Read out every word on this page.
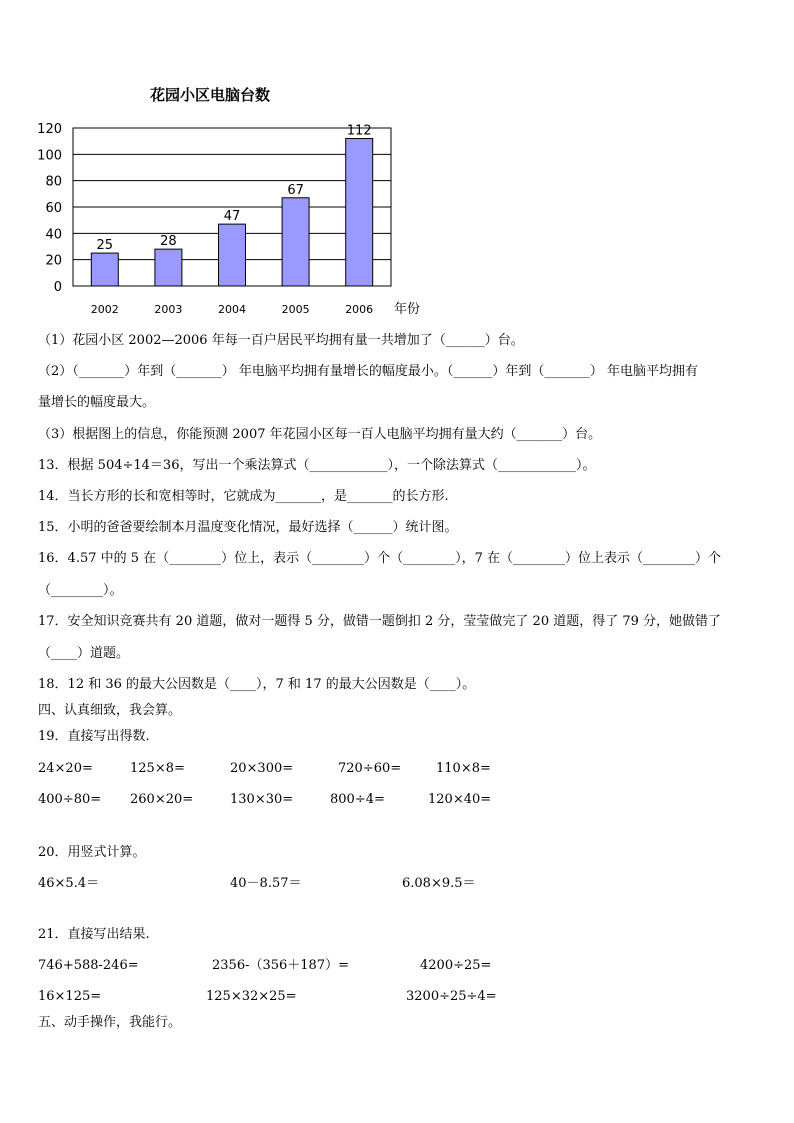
花园小区电脑台数
0
20
40
60
80
100
120
25
2002
28
2003
47
2004
67
2005
112
2006 年份
（1）花园小区 2002—2006 年每一百户居民平均拥有量一共增加了（______）台。
（2）（_______）年到（_______） 年电脑平均拥有量增长的幅度最小。（______）年到（_______） 年电脑平均拥有
量增长的幅度最大。
（3）根据图上的信息，你能预测 2007 年花园小区每一百人电脑平均拥有量大约（_______）台。
13．根据 504÷14＝36，写出一个乘法算式（____________），一个除法算式（____________）。
14．当长方形的长和宽相等时，它就成为_______，是_______的长方形.
15．小明的爸爸要绘制本月温度变化情况，最好选择（______）统计图。
16．4.57 中的 5 在（________）位上，表示（________）个（________），7 在（________）位上表示（________）个
（________）。
17．安全知识竞赛共有 20 道题，做对一题得 5 分，做错一题倒扣 2 分，莹莹做完了 20 道题，得了 79 分，她做错了
（____）道题。
18．12 和 36 的最大公因数是（____），7 和 17 的最大公因数是（____）。
四、认真细致，我会算。
19．直接写出得数.
24×20=	125×8=	20×300=	720÷60=	110×8=
400÷80= 260×20=	130×30=	800÷4=	120×40=
20．用竖式计算。
46×5.4＝	40－8.57＝	6.08×9.5＝
21．直接写出结果.
746+588-246=	2356-（356＋187）=	4200÷25=
16×125=	125×32×25=	3200÷25÷4=
五、动手操作，我能行。
